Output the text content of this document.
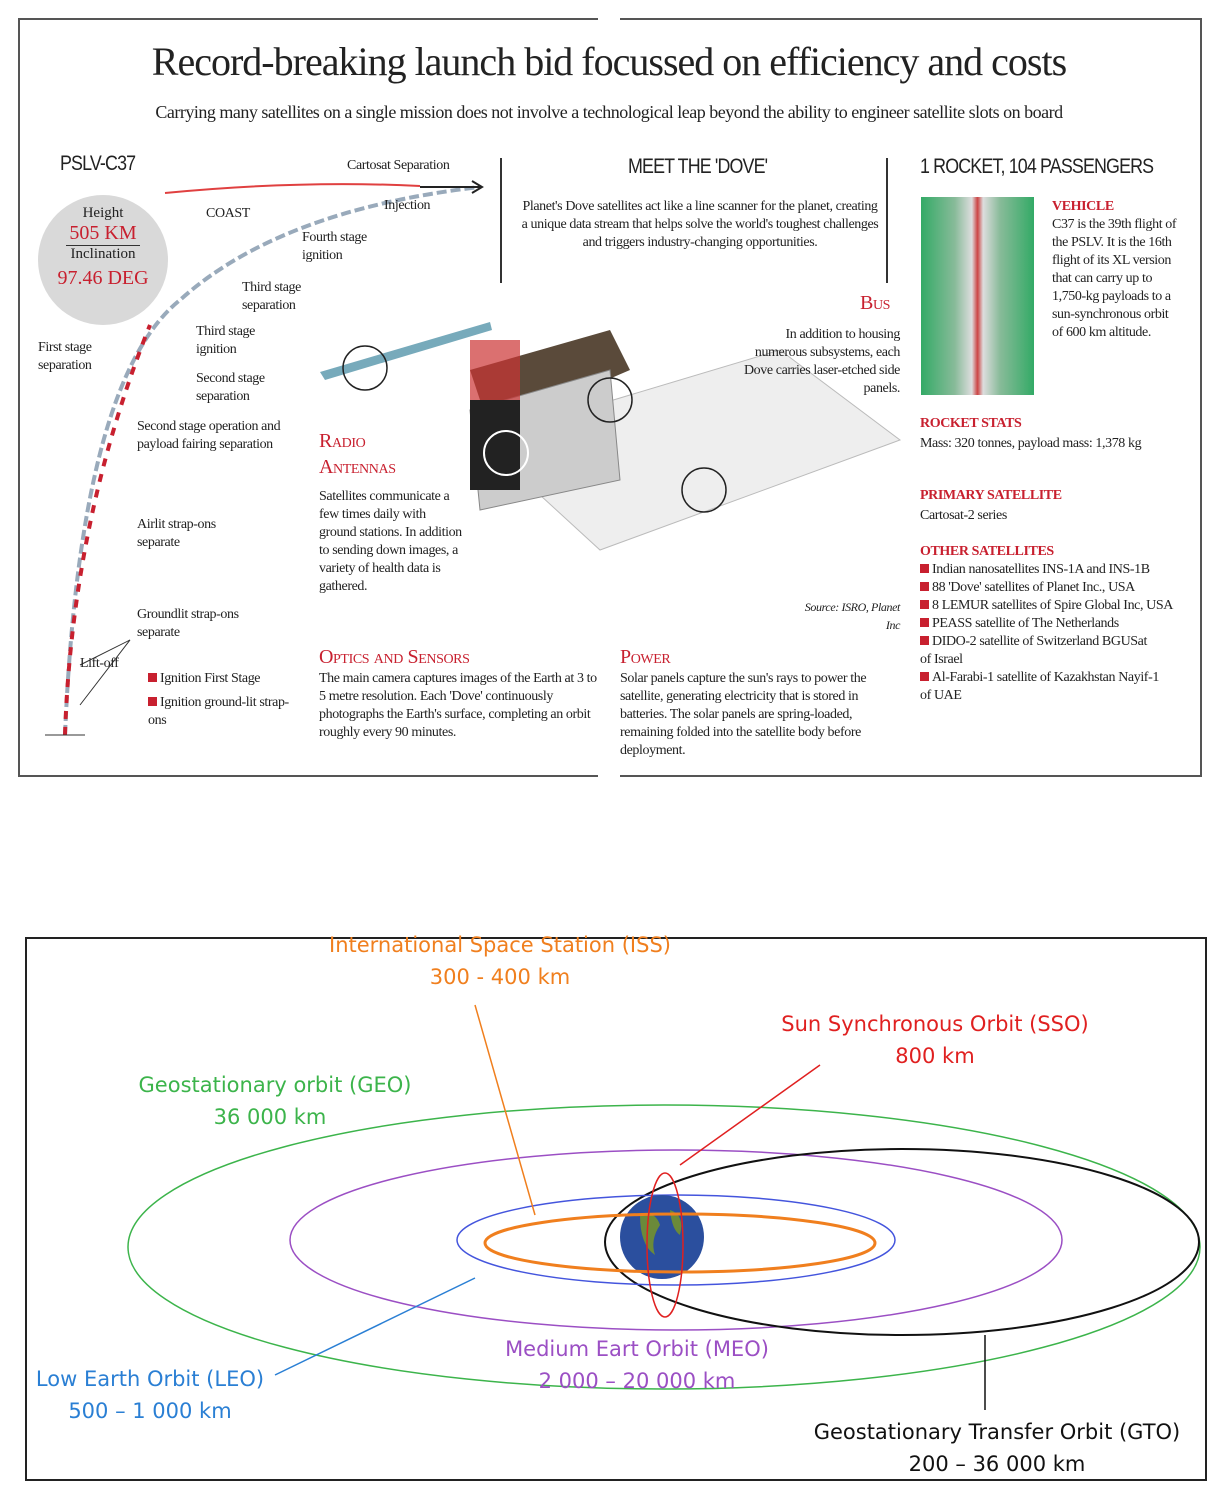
Record-breaking launch bid focussed on efficiency and costs
Carrying many satellites on a single mission does not involve a technological leap beyond the ability to engineer satellite slots on board
PSLV-C37
Height
505 KM
Inclination
97.46 DEG
Cartosat Separation
Injection
COAST
Fourth stage ignition
Third stage separation
Third stage ignition
Second stage separation
First stage separation
Second stage operation and payload fairing separation
Airlit strap-ons separate
Groundlit strap-ons separate
Lift-off
Ignition First Stage
Ignition ground-lit strap-ons
MEET THE 'DOVE'
Planet's Dove satellites act like a line scanner for the planet, creating a unique data stream that helps solve the world's toughest challenges and triggers industry-changing opportunities.
Bus
In addition to housing numerous subsystems, each Dove carries laser-etched side panels.
Radio Antennas
Satellites communicate a few times daily with ground stations. In addition to sending down images, a variety of health data is gathered.
Optics and Sensors
The main camera captures images of the Earth at 3 to 5 metre resolution. Each 'Dove' continuously photographs the Earth's surface, completing an orbit roughly every 90 minutes.
Power
Solar panels capture the sun's rays to power the satellite, generating electricity that is stored in batteries. The solar panels are spring-loaded, remaining folded into the satellite body before deployment.
Source: ISRO, Planet Inc
1 ROCKET, 104 PASSENGERS
VEHICLE
C37 is the 39th flight of the PSLV. It is the 16th flight of its XL version that can carry up to 1,750-kg payloads to a sun-synchronous orbit of 600 km altitude.
ROCKET STATS
Mass: 320 tonnes, payload mass: 1,378 kg
PRIMARY SATELLITE
Cartosat-2 series
OTHER SATELLITES
Indian nanosatellites INS-1A and INS-1B
88 'Dove' satellites of Planet Inc., USA
8 LEMUR satellites of Spire Global Inc, USA
PEASS satellite of The Netherlands
DIDO-2 satellite of Switzerland BGUSat of Israel
Al-Farabi-1 satellite of Kazakhstan Nayif-1 of UAE
International Space Station (ISS)
300 - 400 km
Sun Synchronous Orbit (SSO)
800 km
Geostationary orbit (GEO)
36 000 km
Medium Eart Orbit (MEO)
2 000 – 20 000 km
Low Earth Orbit (LEO)
500 – 1 000 km
Geostationary Transfer Orbit (GTO)
200 – 36 000 km
